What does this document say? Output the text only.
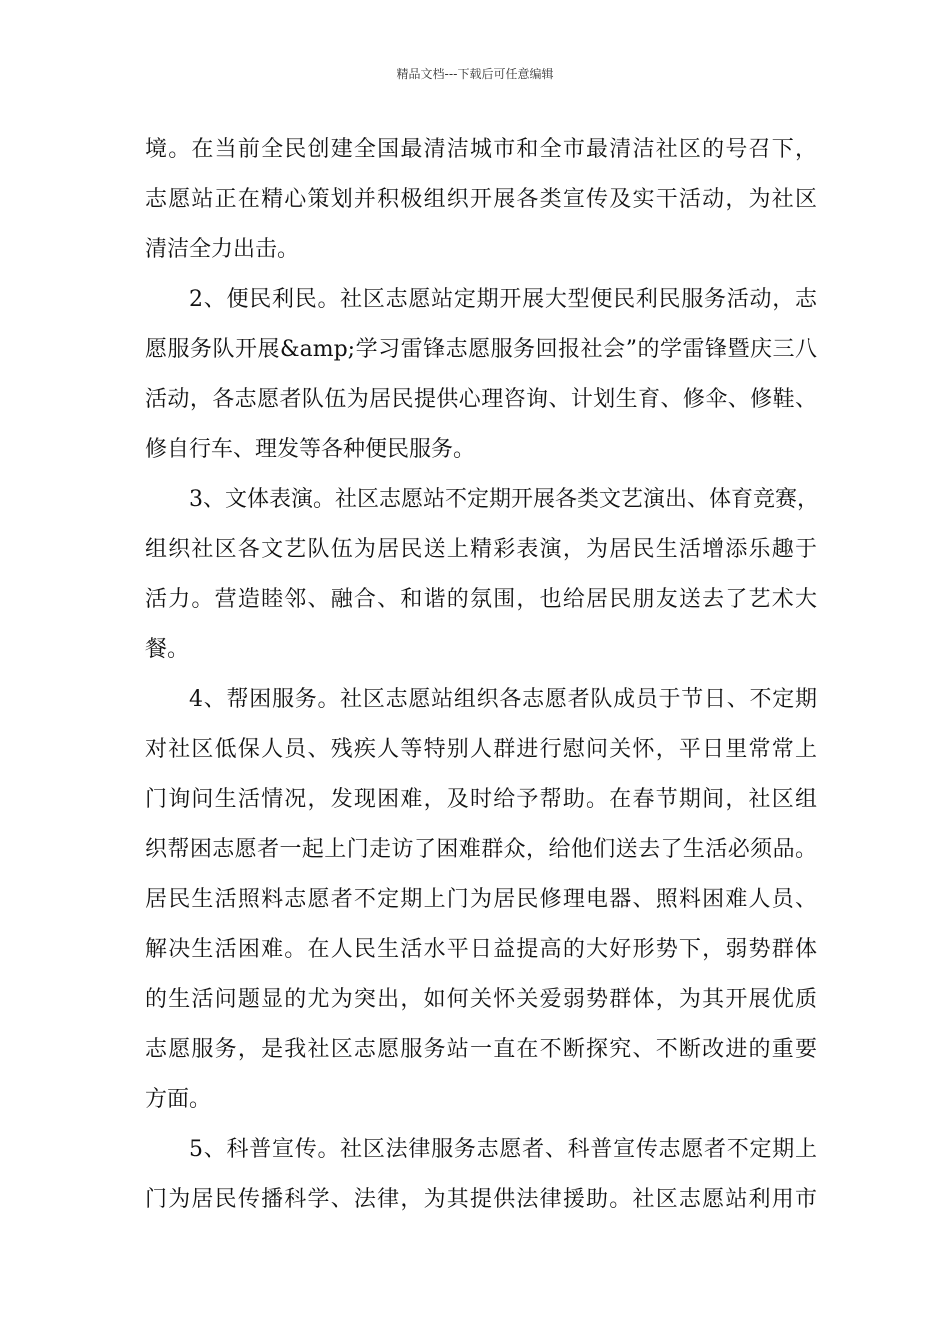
精品文档---下载后可任意编辑
境。在当前全民创建全国最清洁城市和全市最清洁社区的号召下，
志愿站正在精心策划并积极组织开展各类宣传及实干活动，为社区
清洁全力出击。
2、便民利民。社区志愿站定期开展大型便民利民服务活动，志
愿服务队开展&amp;学习雷锋志愿服务回报社会”的学雷锋暨庆三八
活动，各志愿者队伍为居民提供心理咨询、计划生育、修伞、修鞋、
修自行车、理发等各种便民服务。
3、文体表演。社区志愿站不定期开展各类文艺演出、体育竞赛，
组织社区各文艺队伍为居民送上精彩表演，为居民生活增添乐趣于
活力。营造睦邻、融合、和谐的氛围，也给居民朋友送去了艺术大
餐。
4、帮困服务。社区志愿站组织各志愿者队成员于节日、不定期
对社区低保人员、残疾人等特别人群进行慰问关怀，平日里常常上
门询问生活情况，发现困难，及时给予帮助。在春节期间，社区组
织帮困志愿者一起上门走访了困难群众，给他们送去了生活必须品。
居民生活照料志愿者不定期上门为居民修理电器、照料困难人员、
解决生活困难。在人民生活水平日益提高的大好形势下，弱势群体
的生活问题显的尤为突出，如何关怀关爱弱势群体，为其开展优质
志愿服务，是我社区志愿服务站一直在不断探究、不断改进的重要
方面。
5、科普宣传。社区法律服务志愿者、科普宣传志愿者不定期上
门为居民传播科学、法律，为其提供法律援助。社区志愿站利用市
